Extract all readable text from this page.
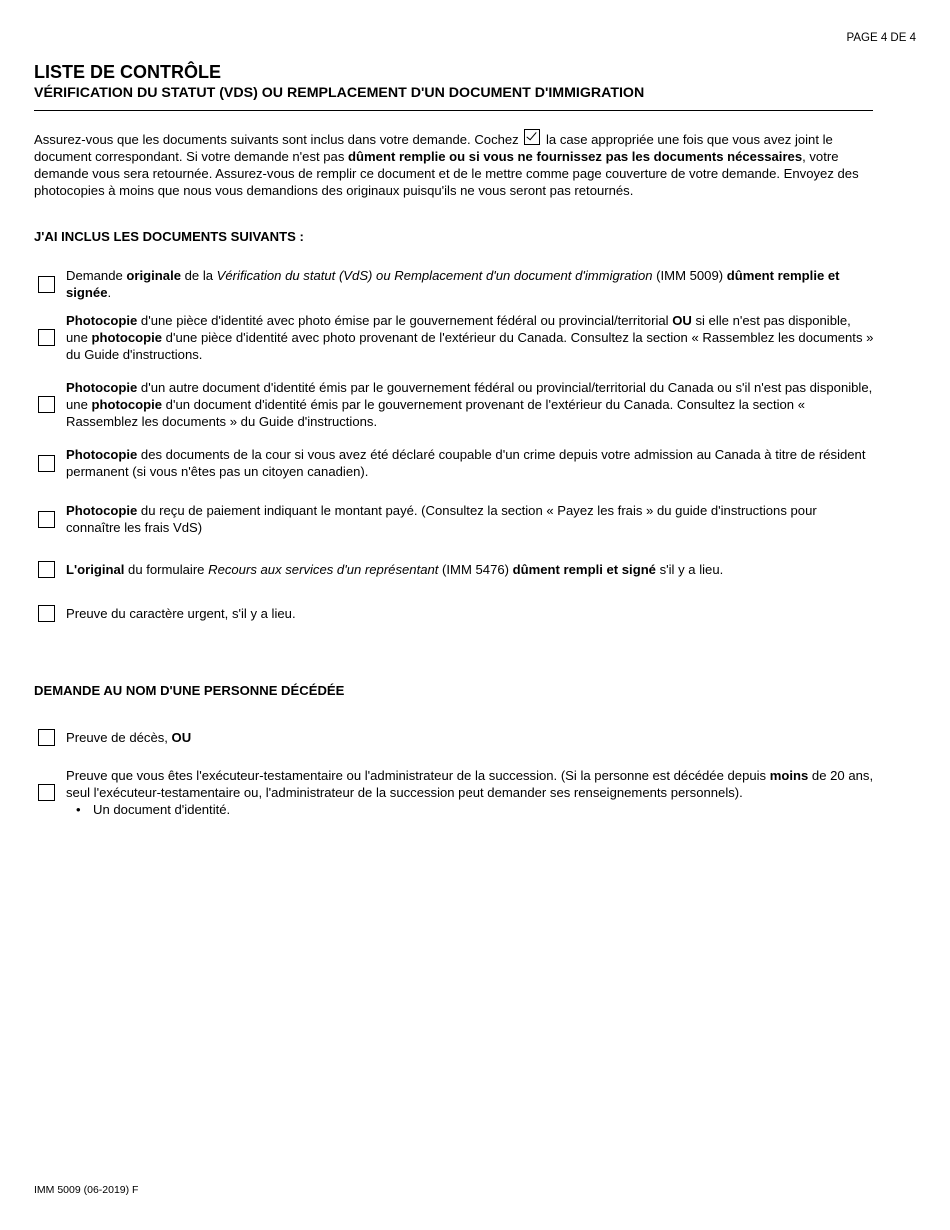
PAGE 4 DE 4
LISTE DE CONTRÔLE
VÉRIFICATION DU STATUT (VDS) OU REMPLACEMENT D'UN DOCUMENT D'IMMIGRATION
Assurez-vous que les documents suivants sont inclus dans votre demande. Cochez  la case appropriée une fois que vous avez joint le document correspondant. Si votre demande n'est pas dûment remplie ou si vous ne fournissez pas les documents nécessaires, votre demande vous sera retournée. Assurez-vous de remplir ce document et de le mettre comme page couverture de votre demande. Envoyez des photocopies à moins que nous vous demandions des originaux puisqu'ils ne vous seront pas retournés.
J'AI INCLUS LES DOCUMENTS SUIVANTS :
Demande originale de la Vérification du statut (VdS) ou Remplacement d'un document d'immigration (IMM 5009) dûment remplie et signée.
Photocopie d'une pièce d'identité avec photo émise par le gouvernement fédéral ou provincial/territorial OU si elle n'est pas disponible, une photocopie d'une pièce d'identité avec photo provenant de l'extérieur du Canada. Consultez la section « Rassemblez les documents » du Guide d'instructions.
Photocopie d'un autre document d'identité émis par le gouvernement fédéral ou provincial/territorial du Canada ou s'il n'est pas disponible, une photocopie d'un document d'identité émis par le gouvernement provenant de l'extérieur du Canada. Consultez la section « Rassemblez les documents » du Guide d'instructions.
Photocopie des documents de la cour si vous avez été déclaré coupable d'un crime depuis votre admission au Canada à titre de résident permanent (si vous n'êtes pas un citoyen canadien).
Photocopie du reçu de paiement indiquant le montant payé. (Consultez la section « Payez les frais » du guide d'instructions pour connaître les frais VdS)
L'original du formulaire Recours aux services d'un représentant (IMM 5476) dûment rempli et signé s'il y a lieu.
Preuve du caractère urgent, s'il y a lieu.
DEMANDE AU NOM D'UNE PERSONNE DÉCÉDÉE
Preuve de décès, OU
Preuve que vous êtes l'exécuteur-testamentaire ou l'administrateur de la succession. (Si la personne est décédée depuis moins de 20 ans, seul l'exécuteur-testamentaire ou, l'administrateur de la succession peut demander ses renseignements personnels).
• Un document d'identité.
IMM 5009 (06-2019) F
